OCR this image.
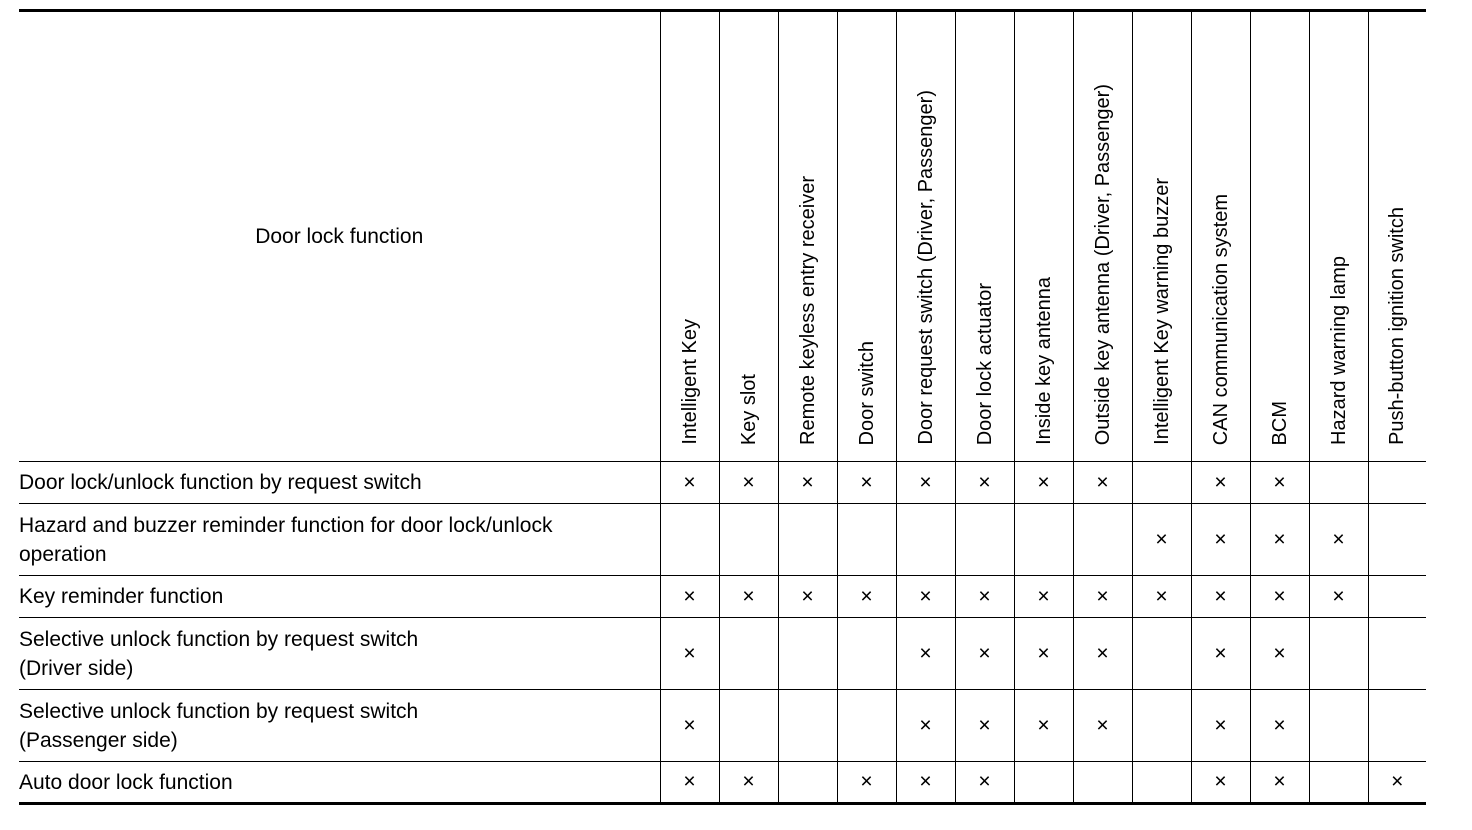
Door lock function	Intelligent Key	Key slot	Remote keyless entry receiver	Door switch	Door request switch (Driver, Passenger)	Door lock actuator	Inside key antenna	Outside key antenna (Driver, Passenger)	Intelligent Key warning buzzer	CAN communication system	BCM	Hazard warning lamp	Push-button ignition switch

Door lock/unlock function by request switch	×	×	×	×	×	×	×	×		×	×		

Hazard and buzzer reminder function for door lock/unlock
operation									×	×	×	×	

Key reminder function	×	×	×	×	×	×	×	×	×	×	×	×	

Selective unlock function by request switch
(Driver side)	×				×	×	×	×		×	×		

Selective unlock function by request switch
(Passenger side)	×				×	×	×	×		×	×		

Auto door lock function	×	×		×	×	×				×	×		×
